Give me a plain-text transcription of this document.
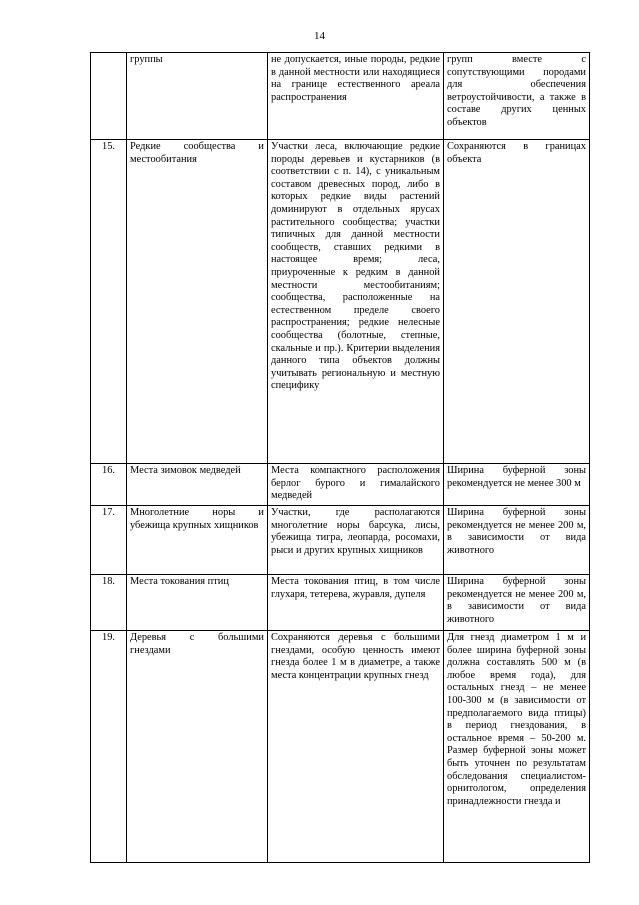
14
	группы	не допускается, иные породы, редкие в данной местности или находящиеся на границе естественного ареала распространения	групп вместе с сопутствующими породами для обеспечения ветроустойчивости, а также в составе других ценных объектов
15.	Редкие сообщества и местообитания	Участки леса, включающие редкие породы деревьев и кустарников (в соответствии с п. 14), с уникальным составом древесных пород, либо в которых редкие виды растений доминируют в отдельных ярусах растительного сообщества; участки типичных для данной местности сообществ, ставших редкими в настоящее время; леса, приуроченные к редким в данной местности местообитаниям; сообщества, расположенные на естественном пределе своего распространения; редкие нелесные сообщества (болотные, степные, скальные и пр.). Критерии выделения данного типа объектов должны учитывать региональную и местную специфику	Сохраняются в границах объекта
16.	Места зимовок медведей	Места компактного расположения берлог бурого и гималайского медведей	Ширина буферной зоны рекомендуется не менее 300 м
17.	Многолетние норы и убежища крупных хищников	Участки, где располагаются многолетние норы барсука, лисы, убежища тигра, леопарда, росомахи, рыси и других крупных хищников	Ширина буферной зоны рекомендуется не менее 200 м, в зависимости от вида животного
18.	Места токования птиц	Места токования птиц, в том числе глухаря, тетерева, журавля, дупеля	Ширина буферной зоны рекомендуется не менее 200 м, в зависимости от вида животного
19.	Деревья с большими гнездами	Сохраняются деревья с большими гнездами, особую ценность имеют гнезда более 1 м в диаметре, а также места концентрации крупных гнезд	Для гнезд диаметром 1 м и более ширина буферной зоны должна составлять 500 м (в любое время года), для остальных гнезд – не менее 100-300 м (в зависимости от предполагаемого вида птицы) в период гнездования, в остальное время – 50-200 м. Размер буферной зоны может быть уточнен по результатам обследования специалистом-орнитологом, определения принадлежности гнезда и
